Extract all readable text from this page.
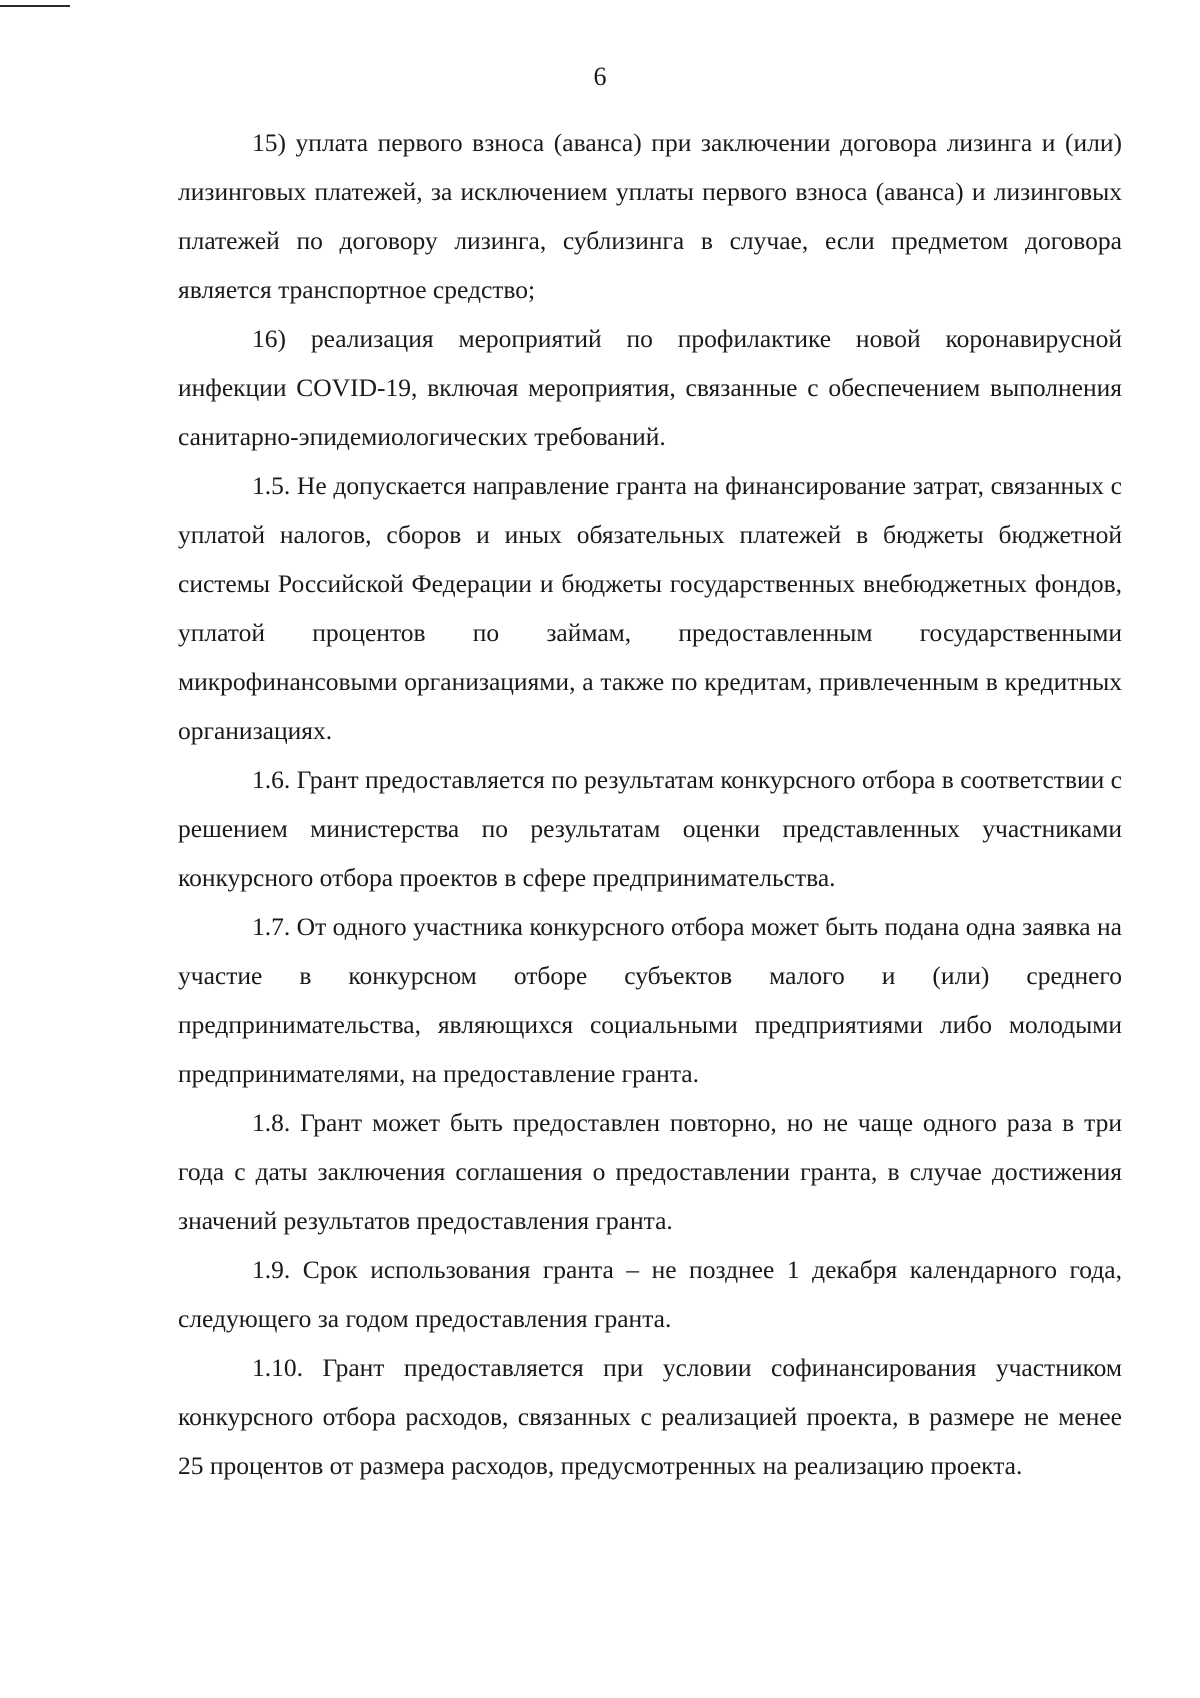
6

15) уплата первого взноса (аванса) при заключении договора лизинга и (или) лизинговых платежей, за исключением уплаты первого взноса (аванса) и лизинговых платежей по договору лизинга, сублизинга в случае, если предметом договора является транспортное средство;

16) реализация мероприятий по профилактике новой коронавирусной инфекции COVID-19, включая мероприятия, связанные с обеспечением выполнения санитарно-эпидемиологических требований.

1.5. Не допускается направление гранта на финансирование затрат, связанных с уплатой налогов, сборов и иных обязательных платежей в бюджеты бюджетной системы Российской Федерации и бюджеты государственных внебюджетных фондов, уплатой процентов по займам, предоставленным государственными микрофинансовыми организациями, а также по кредитам, привлеченным в кредитных организациях.

1.6. Грант предоставляется по результатам конкурсного отбора в соответствии с решением министерства по результатам оценки представленных участниками конкурсного отбора проектов в сфере предпринимательства.

1.7. От одного участника конкурсного отбора может быть подана одна заявка на участие в конкурсном отборе субъектов малого и (или) среднего предпринимательства, являющихся социальными предприятиями либо молодыми предпринимателями, на предоставление гранта.

1.8. Грант может быть предоставлен повторно, но не чаще одного раза в три года с даты заключения соглашения о предоставлении гранта, в случае достижения значений результатов предоставления гранта.

1.9. Срок использования гранта – не позднее 1 декабря календарного года, следующего за годом предоставления гранта.

1.10. Грант предоставляется при условии софинансирования участником конкурсного отбора расходов, связанных с реализацией проекта, в размере не менее 25 процентов от размера расходов, предусмотренных на реализацию проекта.
